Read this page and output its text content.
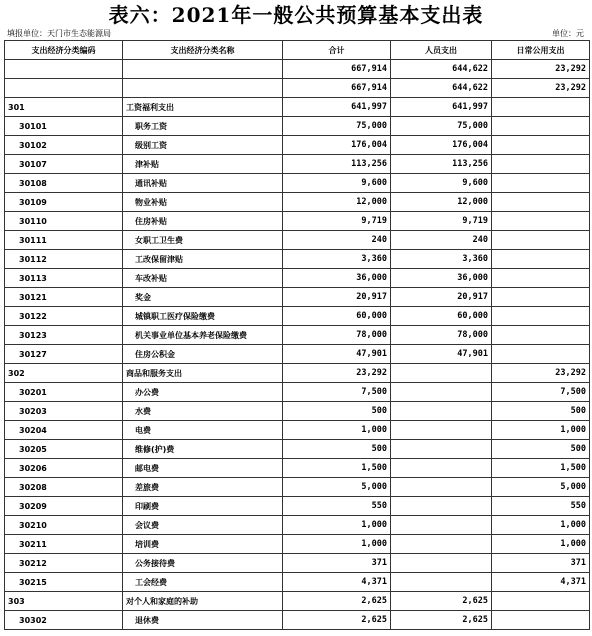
表六：2021年一般公共预算基本支出表
填报单位：天门市生态能源局	单位：元
支出经济分类编码	支出经济分类名称	合计	人员支出	日常公用支出
		667,914	644,622	23,292
		667,914	644,622	23,292
301	工资福利支出	641,997	641,997	
30101	职务工资	75,000	75,000	
30102	级别工资	176,004	176,004	
30107	津补贴	113,256	113,256	
30108	通讯补贴	9,600	9,600	
30109	物业补贴	12,000	12,000	
30110	住房补贴	9,719	9,719	
30111	女职工卫生费	240	240	
30112	工改保留津贴	3,360	3,360	
30113	车改补贴	36,000	36,000	
30121	奖金	20,917	20,917	
30122	城镇职工医疗保险缴费	60,000	60,000	
30123	机关事业单位基本养老保险缴费	78,000	78,000	
30127	住房公积金	47,901	47,901	
302	商品和服务支出	23,292		23,292
30201	办公费	7,500		7,500
30203	水费	500		500
30204	电费	1,000		1,000
30205	维修(护)费	500		500
30206	邮电费	1,500		1,500
30208	差旅费	5,000		5,000
30209	印刷费	550		550
30210	会议费	1,000		1,000
30211	培训费	1,000		1,000
30212	公务接待费	371		371
30215	工会经费	4,371		4,371
303	对个人和家庭的补助	2,625	2,625	
30302	退休费	2,625	2,625	
